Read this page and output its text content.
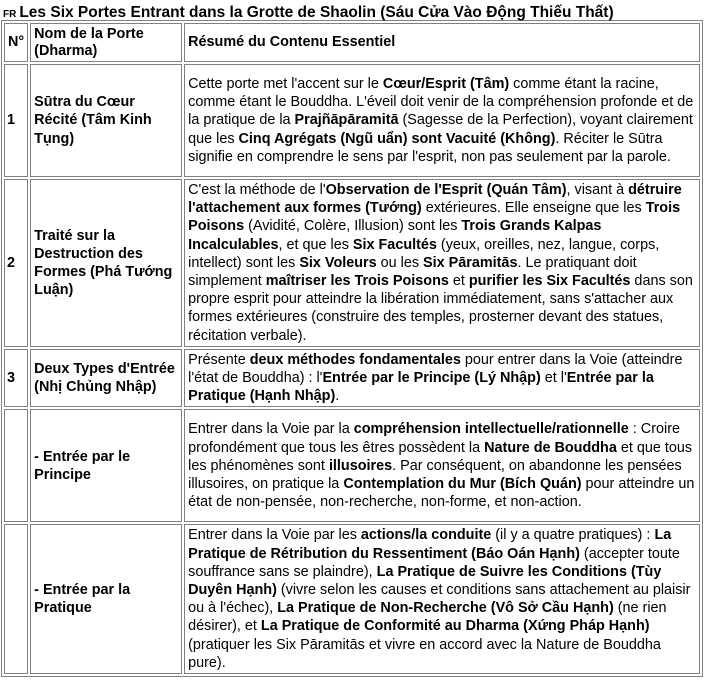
FR Les Six Portes Entrant dans la Grotte de Shaolin (Sáu Cửa Vào Động Thiếu Thất)
N°	Nom de la Porte (Dharma)	Résumé du Contenu Essentiel
1	Sūtra du Cœur Récité (Tâm Kinh Tụng)	Cette porte met l'accent sur le Cœur/Esprit (Tâm) comme étant la racine, comme étant le Bouddha. L'éveil doit venir de la compréhension profonde et de la pratique de la Prajñāpāramitā (Sagesse de la Perfection), voyant clairement que les Cinq Agrégats (Ngũ uẩn) sont Vacuité (Không). Réciter le Sūtra signifie en comprendre le sens par l'esprit, non pas seulement par la parole.
2	Traité sur la Destruction des Formes (Phá Tướng Luận)	C'est la méthode de l'Observation de l'Esprit (Quán Tâm), visant à détruire l'attachement aux formes (Tướng) extérieures. Elle enseigne que les Trois Poisons (Avidité, Colère, Illusion) sont les Trois Grands Kalpas Incalculables, et que les Six Facultés (yeux, oreilles, nez, langue, corps, intellect) sont les Six Voleurs ou les Six Pāramitās. Le pratiquant doit simplement maîtriser les Trois Poisons et purifier les Six Facultés dans son propre esprit pour atteindre la libération immédiatement, sans s'attacher aux formes extérieures (construire des temples, prosterner devant des statues, récitation verbale).
3	Deux Types d'Entrée (Nhị Chủng Nhập)	Présente deux méthodes fondamentales pour entrer dans la Voie (atteindre l'état de Bouddha) : l'Entrée par le Principe (Lý Nhập) et l'Entrée par la Pratique (Hạnh Nhập).
	- Entrée par le Principe	Entrer dans la Voie par la compréhension intellectuelle/rationnelle : Croire profondément que tous les êtres possèdent la Nature de Bouddha et que tous les phénomènes sont illusoires. Par conséquent, on abandonne les pensées illusoires, on pratique la Contemplation du Mur (Bích Quán) pour atteindre un état de non-pensée, non-recherche, non-forme, et non-action.
	- Entrée par la Pratique	Entrer dans la Voie par les actions/la conduite (il y a quatre pratiques) : La Pratique de Rétribution du Ressentiment (Báo Oán Hạnh) (accepter toute souffrance sans se plaindre), La Pratique de Suivre les Conditions (Tùy Duyên Hạnh) (vivre selon les causes et conditions sans attachement au plaisir ou à l'échec), La Pratique de Non-Recherche (Vô Sở Cầu Hạnh) (ne rien désirer), et La Pratique de Conformité au Dharma (Xứng Pháp Hạnh) (pratiquer les Six Pāramitās et vivre en accord avec la Nature de Bouddha pure).
